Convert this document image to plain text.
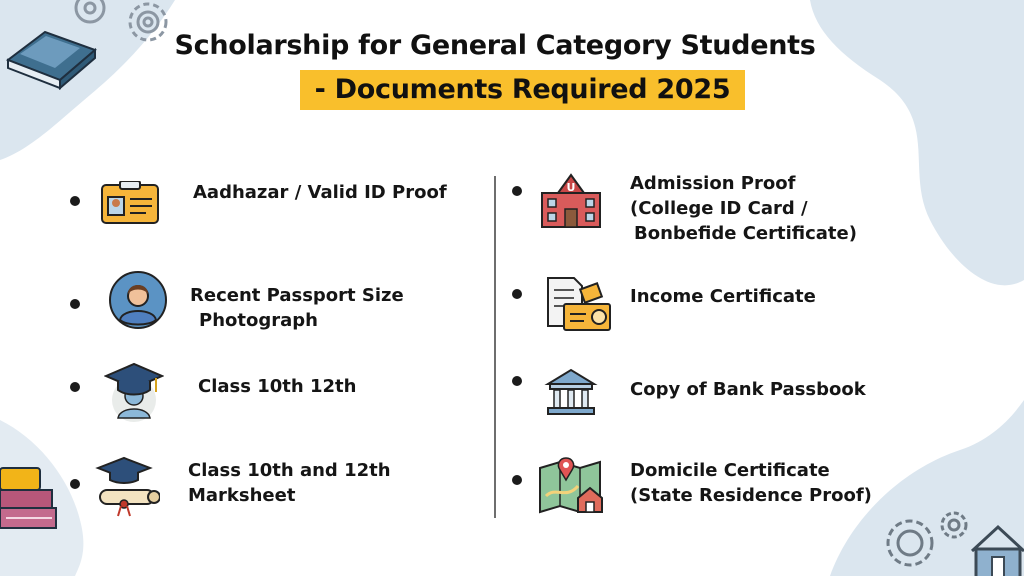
Scholarship for General Category Students
- Documents Required 2025
Aadhazar / Valid ID Proof
Recent Passport Size
Photograph
Class 10th 12th
Class 10th and 12th
Marksheet
U	Admission Proof
(College ID Card /
Bonbefide Certificate)
Income Certificate
Copy of Bank Passbook
Domicile Certificate
(State Residence Proof)
